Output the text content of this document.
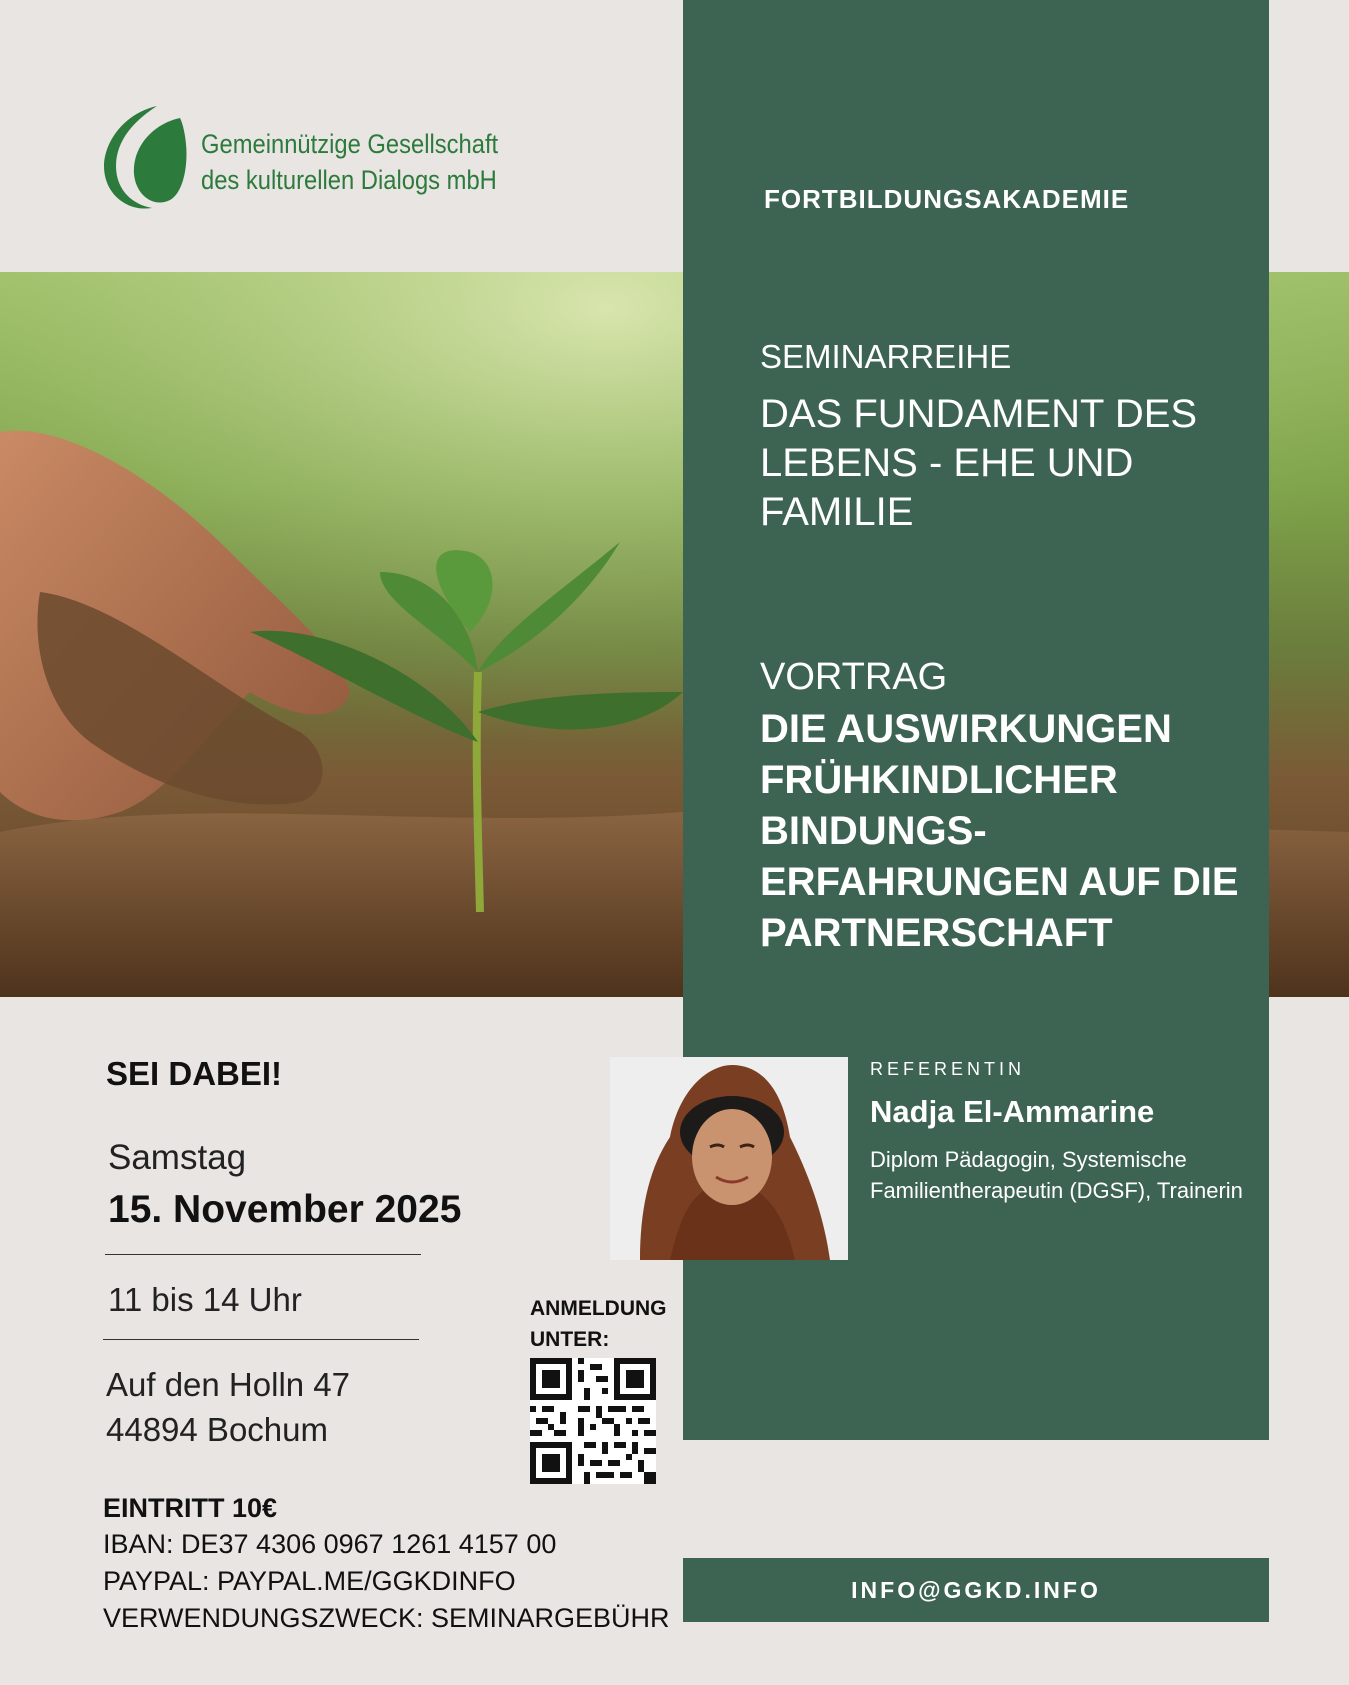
Gemeinnützige Gesellschaft
des kulturellen Dialogs mbH
FORTBILDUNGSAKADEMIE
SEMINARREIHE
DAS FUNDAMENT DES LEBENS - EHE UND FAMILIE
VORTRAG
DIE AUSWIRKUNGEN FRÜHKINDLICHER BINDUNGS-ERFAHRUNGEN AUF DIE PARTNERSCHAFT
REFERENTIN
Nadja El-Ammarine
Diplom Pädagogin, Systemische Familientherapeutin (DGSF), Trainerin
SEI DABEI!
Samstag
15. November 2025
11 bis 14 Uhr
Auf den Holln 47
44894 Bochum
ANMELDUNG UNTER:
EINTRITT 10€
IBAN: DE37 4306 0967 1261 4157 00
PAYPAL: PAYPAL.ME/GGKDINFO
VERWENDUNGSZWECK: SEMINARGEBÜHR
INFO@GGKD.INFO
